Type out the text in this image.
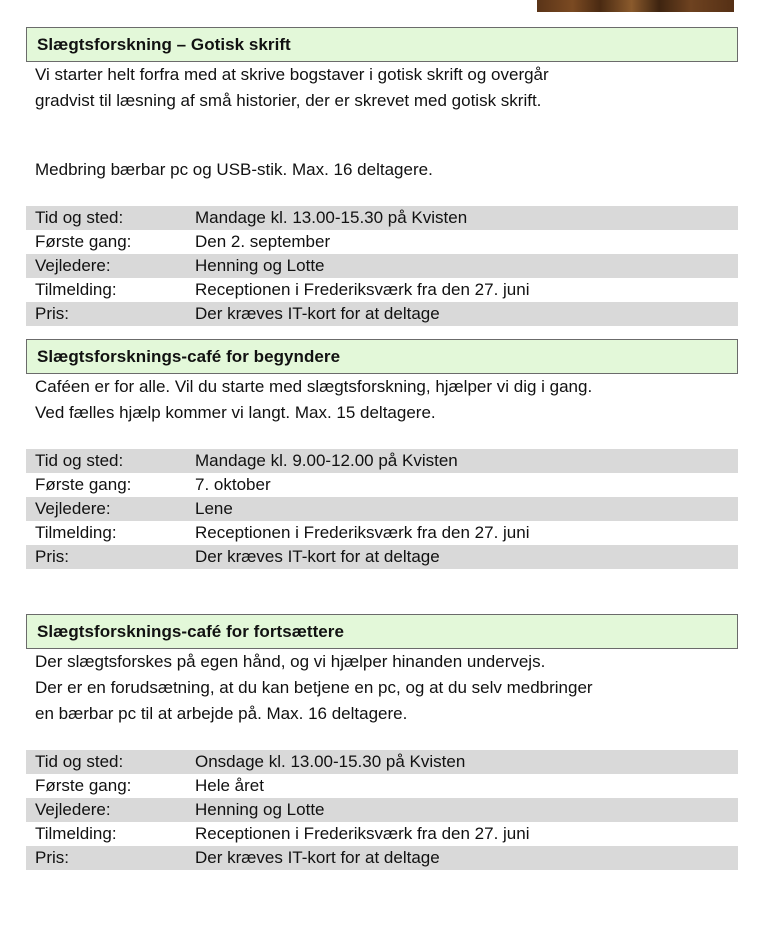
Slægtsforskning – Gotisk skrift

Vi starter helt forfra med at skrive bogstaver i gotisk skrift og overgår

gradvist til læsning af små historier, der er skrevet med gotisk skrift.

Medbring bærbar pc og USB-stik. Max. 16 deltagere.

Tid og sted:	Mandage kl. 13.00-15.30 på Kvisten
Første gang:	Den 2. september
Vejledere:	Henning og Lotte
Tilmelding:	Receptionen i Frederiksværk fra den 27. juni
Pris:	Der kræves IT-kort for at deltage
Slægtsforsknings-café for begyndere

Caféen er for alle. Vil du starte med slægtsforskning, hjælper vi dig i gang.

Ved fælles hjælp kommer vi langt. Max. 15 deltagere.

Tid og sted:	Mandage kl. 9.00-12.00 på Kvisten
Første gang:	7. oktober
Vejledere:	Lene
Tilmelding:	Receptionen i Frederiksværk fra den 27. juni
Pris:	Der kræves IT-kort for at deltage
Slægtsforsknings-café for fortsættere

Der slægtsforskes på egen hånd, og vi hjælper hinanden undervejs.

Der er en forudsætning, at du kan betjene en pc, og at du selv medbringer

en bærbar pc til at arbejde på. Max. 16 deltagere.

Tid og sted:	Onsdage kl. 13.00-15.30 på Kvisten
Første gang:	Hele året
Vejledere:	Henning og Lotte
Tilmelding:	Receptionen i Frederiksværk fra den 27. juni
Pris:	Der kræves IT-kort for at deltage
